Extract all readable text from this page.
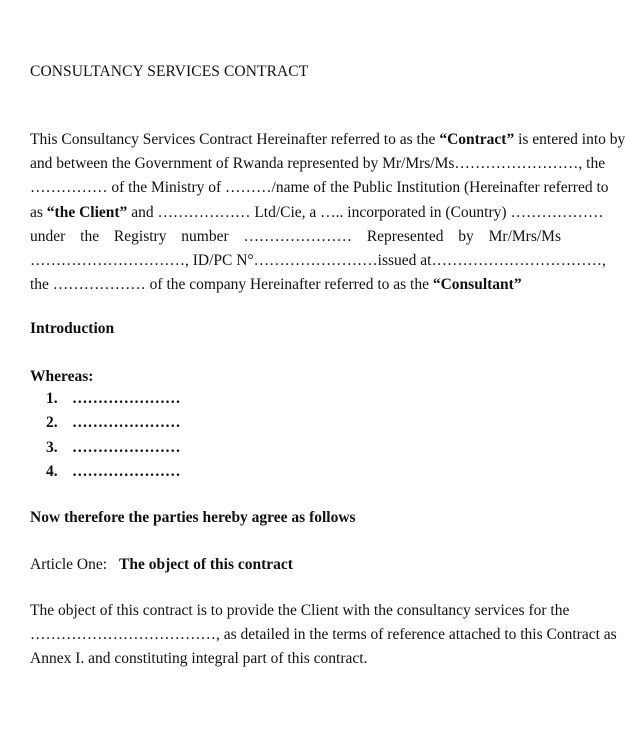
CONSULTANCY SERVICES CONTRACT
This Consultancy Services Contract Hereinafter referred to as the “Contract” is entered into by
and between the Government of Rwanda represented by Mr/Mrs/Ms……………………, the
…………… of the Ministry of ………/name of the Public Institution (Hereinafter referred to
as “the Client” and ……………… Ltd/Cie, a ….. incorporated in (Country) ………………
under the Registry number ………………… Represented by Mr/Mrs/Ms
…………………………, ID/PC N°……………………issued at……………………………,
the ……………… of the company Hereinafter referred to as the “Consultant”
Introduction
Whereas:
1. …………………
2. …………………
3. …………………
4. …………………
Now therefore the parties hereby agree as follows
Article One: The object of this contract
The object of this contract is to provide the Client with the consultancy services for the
………………………………, as detailed in the terms of reference attached to this Contract as
Annex I. and constituting integral part of this contract.
